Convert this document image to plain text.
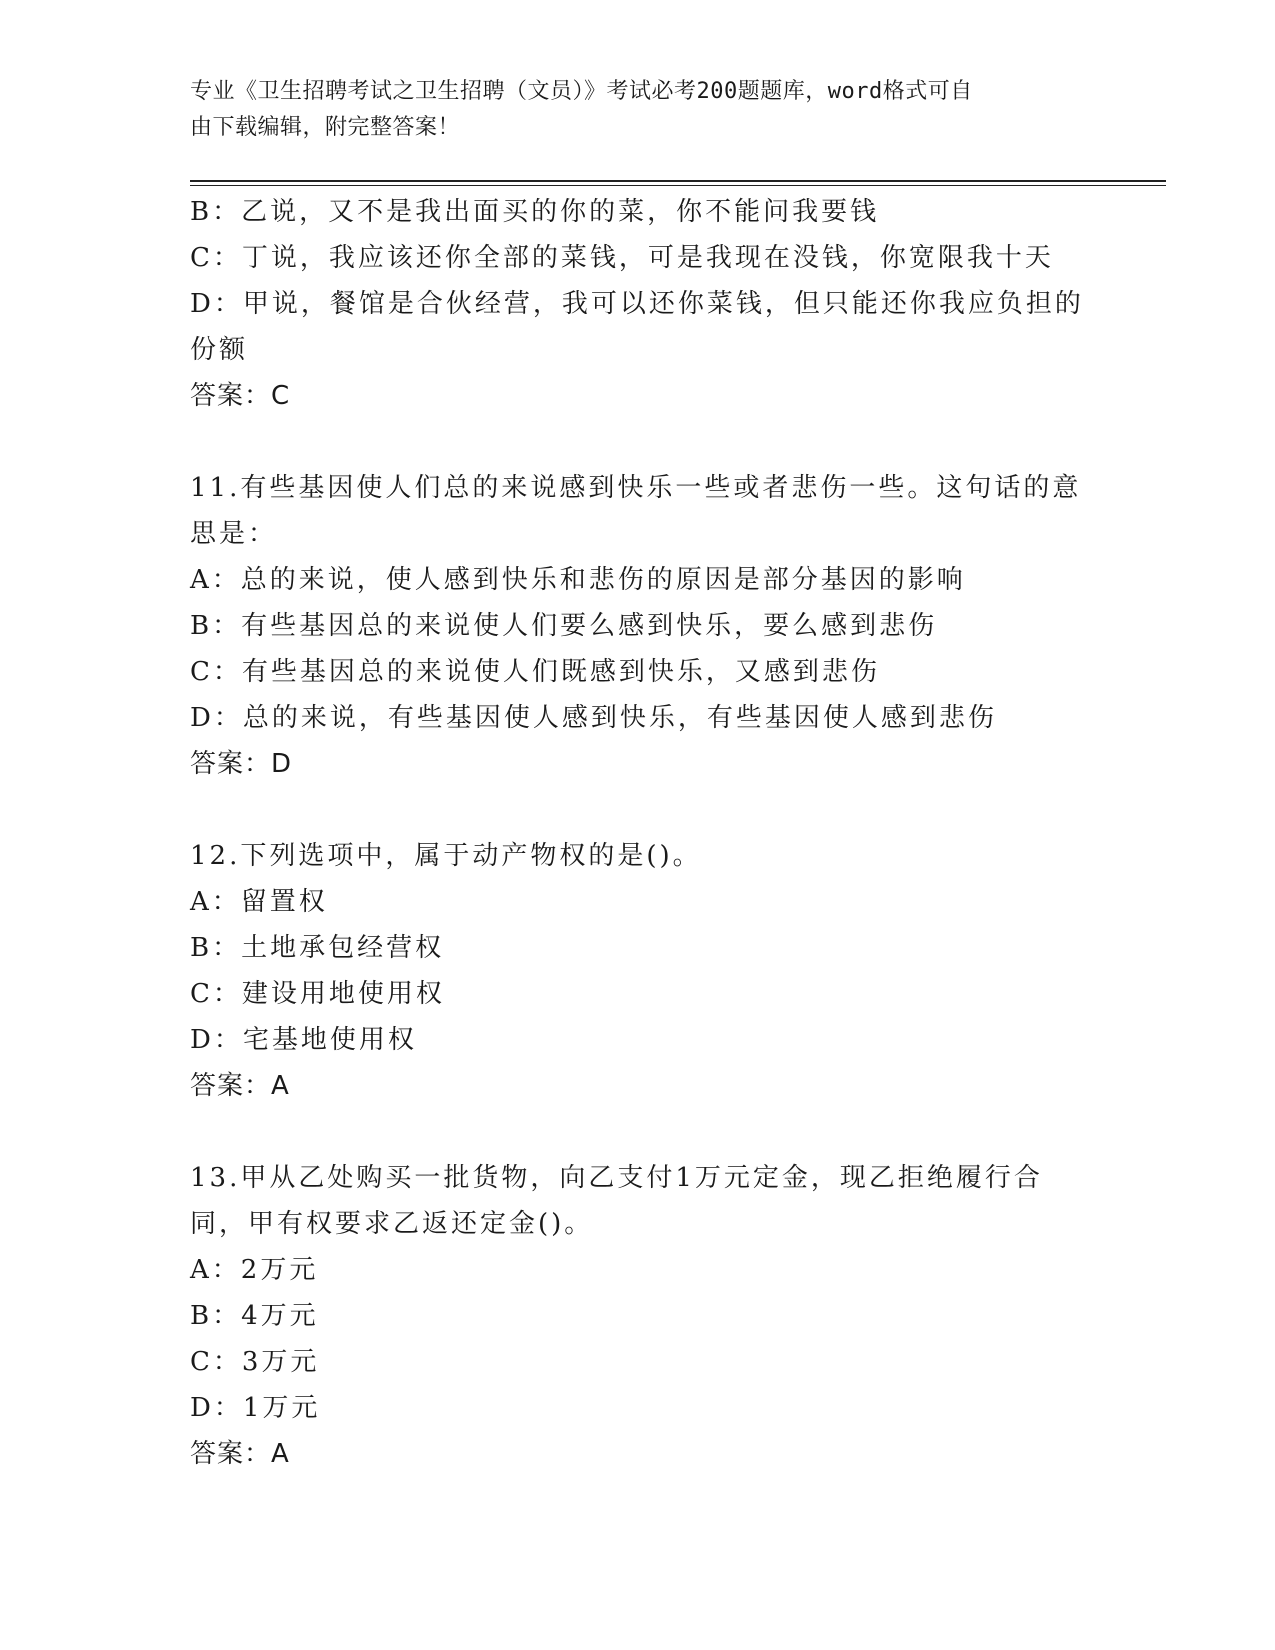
专业《卫生招聘考试之卫生招聘（文员）》考试必考200题题库，word格式可自
由下载编辑，附完整答案！

B：乙说，又不是我出面买的你的菜，你不能问我要钱

C：丁说，我应该还你全部的菜钱，可是我现在没钱，你宽限我十天

D：甲说，餐馆是合伙经营，我可以还你菜钱，但只能还你我应负担的份额

答案：C

11.有些基因使人们总的来说感到快乐一些或者悲伤一些。这句话的意思是：

A：总的来说，使人感到快乐和悲伤的原因是部分基因的影响

B：有些基因总的来说使人们要么感到快乐，要么感到悲伤

C：有些基因总的来说使人们既感到快乐，又感到悲伤

D：总的来说，有些基因使人感到快乐，有些基因使人感到悲伤

答案：D

12.下列选项中，属于动产物权的是()。

A：留置权

B：土地承包经营权

C：建设用地使用权

D：宅基地使用权

答案：A

13.甲从乙处购买一批货物，向乙支付1万元定金，现乙拒绝履行合同，甲有权要求乙返还定金()。

A：2万元

B：4万元

C：3万元

D：1万元

答案：A
